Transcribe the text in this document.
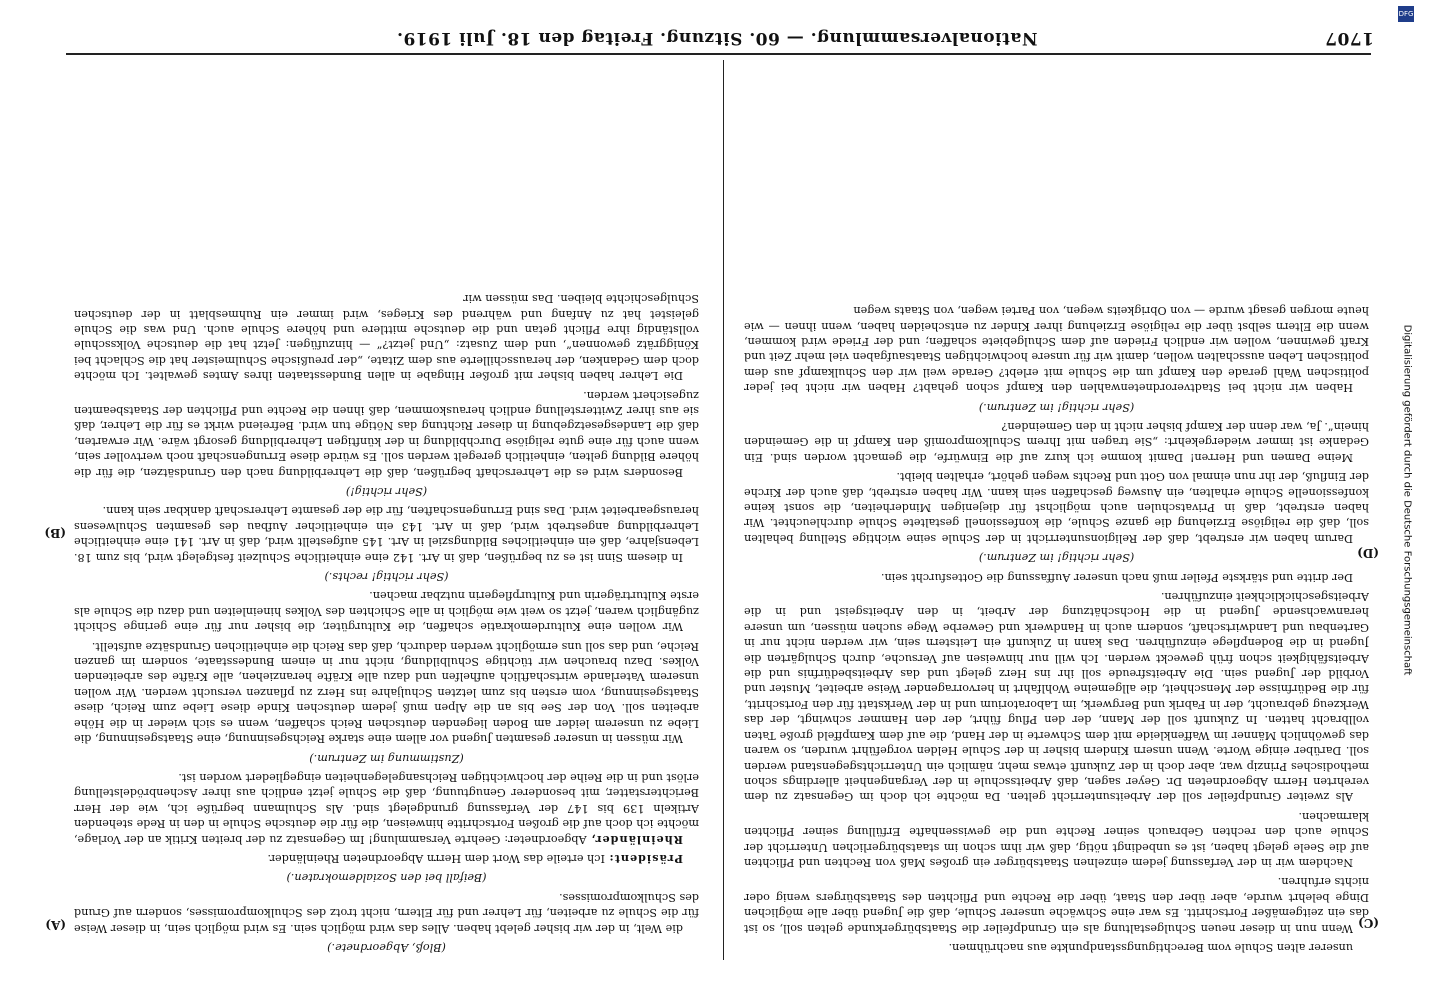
1707
Nationalversammlung. — 60. Sitzung. Freitag den 18. Juli 1919.
(C)
(D)
(A)
(B)

unserer alten Schule vom Berechtigungsstandpunkte aus nachrühmen.

Wenn nun in dieser neuen Schulgestaltung als ein Grundpfeiler die Staatsbürgerkunde gelten soll, so ist das ein zeitgemäßer Fortschritt. Es war eine Schwäche unserer Schule, daß die Jugend über alle möglichen Dinge belehrt wurde, aber über den Staat, über die Rechte und Pflichten des Staatsbürgers wenig oder nichts erfuhren.

Nachdem wir in der Verfassung jedem einzelnen Staatsbürger ein großes Maß von Rechten und Pflichten auf die Seele gelegt haben, ist es unbedingt nötig, daß wir ihm schon im staatsbürgerlichen Unterricht der Schule auch den rechten Gebrauch seiner Rechte und die gewissenhafte Erfüllung seiner Pflichten klarmachen.

Als zweiter Grundpfeiler soll der Arbeitsunterricht gelten. Da möchte ich doch im Gegensatz zu dem verehrten Herrn Abgeordneten Dr. Geyer sagen, daß Arbeitsschule in der Vergangenheit allerdings schon methodisches Prinzip war, aber doch in der Zukunft etwas mehr, nämlich ein Unterrichtsgegenstand werden soll. Darüber einige Worte. Wenn unsern Kindern bisher in der Schule Helden vorgeführt wurden, so waren das gewöhnlich Männer im Waffenkleide mit dem Schwerte in der Hand, die auf dem Kampffeld große Taten vollbracht hatten. In Zukunft soll der Mann, der den Pflug führt, der den Hammer schwingt, der das Werkzeug gebraucht, der in Fabrik und Bergwerk, im Laboratorium und in der Werkstatt für den Fortschritt, für die Bedürfnisse der Menschheit, die allgemeine Wohlfahrt in hervorragender Weise arbeitet, Muster und Vorbild der Jugend sein. Die Arbeitsfreude soll ihr ins Herz gelegt und das Arbeitsbedürfnis und die Arbeitsfähigkeit schon früh geweckt werden. Ich will nur hinweisen auf Versuche, durch Schulgärten die Jugend in die Bodenpflege einzuführen. Das kann in Zukunft ein Leitstern sein, wir werden nicht nur in Gartenbau und Landwirtschaft, sondern auch in Handwerk und Gewerbe Wege suchen müssen, um unsere heranwachsende Jugend in die Hochschätzung der Arbeit, in den Arbeitsgeist und in die Arbeitsgeschicklichkeit einzuführen.

Der dritte und stärkste Pfeiler muß nach unserer Auffassung die Gottesfurcht sein.

(Sehr richtig! im Zentrum.)

Darum haben wir erstrebt, daß der Religionsunterricht in der Schule seine wichtige Stellung behalten soll, daß die religiöse Erziehung die ganze Schule, die konfessionell gestaltete Schule durchleuchtet. Wir haben erstrebt, daß in Privatschulen auch möglichst für diejenigen Minderheiten, die sonst keine konfessionelle Schule erhalten, ein Ausweg geschaffen sein kann. Wir haben erstrebt, daß auch der Kirche der Einfluß, der ihr nun einmal von Gott und Rechts wegen gehört, erhalten bleibt.

Meine Damen und Herren! Damit komme ich kurz auf die Einwürfe, die gemacht worden sind. Ein Gedanke ist immer wiedergekehrt: „Sie tragen mit Ihrem Schulkompromiß den Kampf in die Gemeinden hinein“. Ja, war denn der Kampf bisher nicht in den Gemeinden?

(Sehr richtig! im Zentrum.)

Haben wir nicht bei Stadtverordnetenwahlen den Kampf schon gehabt? Haben wir nicht bei jeder politischen Wahl gerade den Kampf um die Schule mit erlebt? Gerade weil wir den Schulkampf aus dem politischen Leben ausschalten wollen, damit wir für unsere hochwichtigen Staatsaufgaben viel mehr Zeit und Kraft gewinnen, wollen wir endlich Frieden auf dem Schulgebiete schaffen; und der Friede wird kommen, wenn die Eltern selbst über die religiöse Erziehung ihrer Kinder zu entscheiden haben, wenn ihnen — wie heute morgen gesagt wurde — von Obrigkeits wegen, von Partei wegen, von Staats wegen

(Bloß, Abgeordnete.)

die Welt, in der wir bisher gelebt haben. Alles das wird möglich sein. Es wird möglich sein, in dieser Weise für die Schule zu arbeiten, für Lehrer und für Eltern, nicht trotz des Schulkompromisses, sondern auf Grund des Schulkompromisses.

(Beifall bei den Sozialdemokraten.)

Präsident: Ich erteile das Wort dem Herrn Abgeordneten Rheinländer.

Rheinländer, Abgeordneter: Geehrte Versammlung! Im Gegensatz zu der breiten Kritik an der Vorlage, möchte ich doch auf die großen Fortschritte hinweisen, die für die deutsche Schule in den in Rede stehenden Artikeln 139 bis 147 der Verfassung grundgelegt sind. Als Schulmann begrüße ich, wie der Herr Berichterstatter, mit besonderer Genugtuung, daß die Schule jetzt endlich aus ihrer Aschenbrödelstellung erlöst und in die Reihe der hochwichtigen Reichsangelegenheiten eingegliedert worden ist.

(Zustimmung im Zentrum.)

Wir müssen in unserer gesamten Jugend vor allem eine starke Reichsgesinnung, eine Staatsgesinnung, die Liebe zu unserem leider am Boden liegenden deutschen Reich schaffen, wenn es sich wieder in die Höhe arbeiten soll. Von der See bis an die Alpen muß jedem deutschen Kinde diese Liebe zum Reich, diese Staatsgesinnung, vom ersten bis zum letzten Schuljahre ins Herz zu pflanzen versucht werden. Wir wollen unserem Vaterlande wirtschaftlich aufhelfen und dazu alle Kräfte heranziehen, alle Kräfte des arbeitenden Volkes. Dazu brauchen wir tüchtige Schulbildung, nicht nur in einem Bundesstaate, sondern im ganzen Reiche, und das soll uns ermöglicht werden dadurch, daß das Reich die einheitlichen Grundsätze aufstellt.

Wir wollen eine Kulturdemokratie schaffen, die Kulturgüter, die bisher nur für eine geringe Schicht zugänglich waren, jetzt so weit wie möglich in alle Schichten des Volkes hineinleiten und dazu die Schule als erste Kulturträgerin und Kulturpflegerin nutzbar machen.

(Sehr richtig! rechts.)

In diesem Sinn ist es zu begrüßen, daß in Art. 142 eine einheitliche Schulzeit festgelegt wird, bis zum 18. Lebensjahre, daß ein einheitliches Bildungsziel in Art. 145 aufgestellt wird, daß in Art. 141 eine einheitliche Lehrerbildung angestrebt wird, daß in Art. 143 ein einheitlicher Aufbau des gesamten Schulwesens herausgearbeitet wird. Das sind Errungenschaften, für die der gesamte Lehrerschaft dankbar sein kann.

(Sehr richtig!)

Besonders wird es die Lehrerschaft begrüßen, daß die Lehrerbildung nach den Grundsätzen, die für die höhere Bildung gelten, einheitlich geregelt werden soll. Es würde diese Errungenschaft noch wertvoller sein, wenn auch für eine gute religiöse Durchbildung in der künftigen Lehrerbildung gesorgt wäre. Wir erwarten, daß die Landesgesetzgebung in dieser Richtung das Nötige tun wird. Befreiend wirkt es für die Lehrer, daß sie aus ihrer Zwitterstellung endlich herauskommen, daß ihnen die Rechte und Pflichten der Staatsbeamten zugesichert werden.

Die Lehrer haben bisher mit großer Hingabe in allen Bundesstaaten ihres Amtes gewaltet. Ich möchte doch dem Gedanken, der herausschillerte aus dem Zitate, „der preußische Schulmeister hat die Schlacht bei Königgrätz gewonnen“, und dem Zusatz: „Und jetzt?“ — hinzufügen: Jetzt hat die deutsche Volksschule vollständig ihre Pflicht getan und die deutsche mittlere und höhere Schule auch. Und was die Schule geleistet hat zu Anfang und während des Krieges, wird immer ein Ruhmesblatt in der deutschen Schulgeschichte bleiben. Das müssen wir

DFG
Digitalisierung gefördert durch die Deutsche Forschungsgemeinschaft
